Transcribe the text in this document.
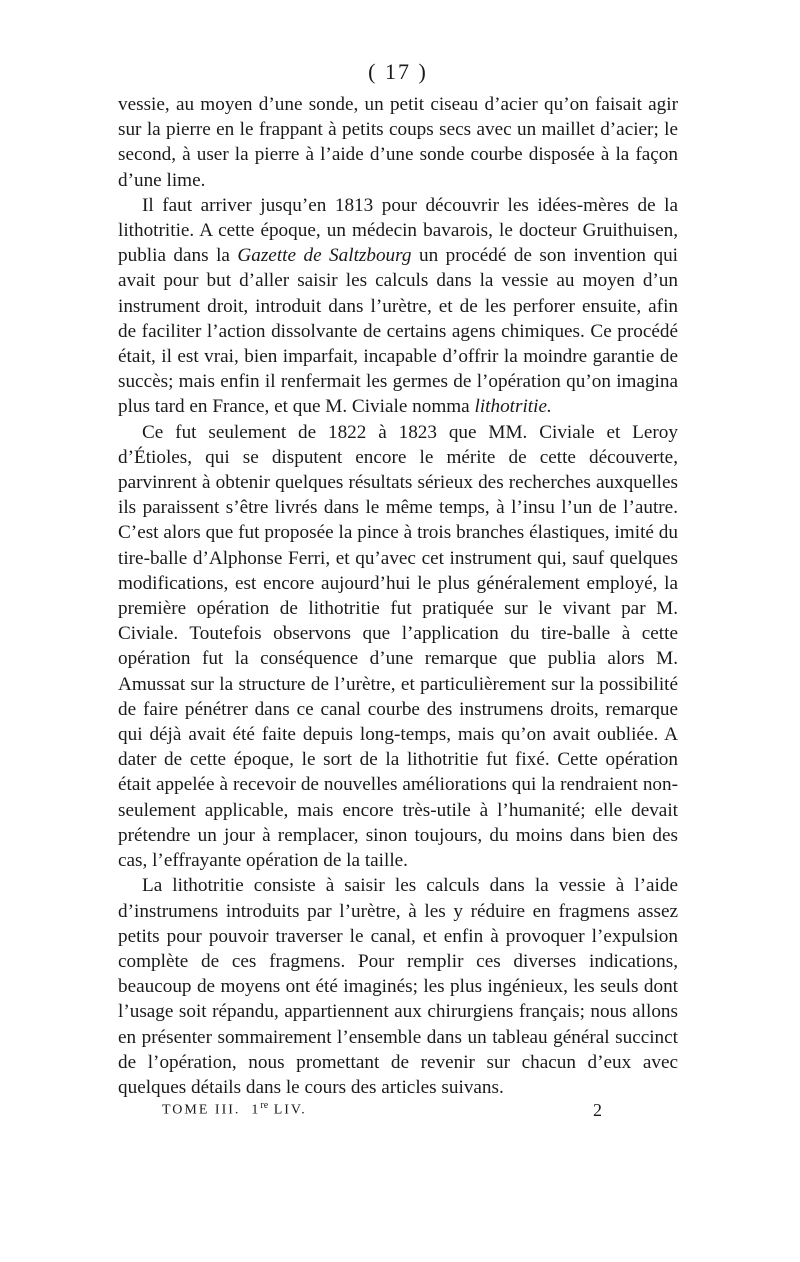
( 17 )

vessie, au moyen d’une sonde, un petit ciseau d’acier qu’on faisait agir sur la pierre en le frappant à petits coups secs avec un maillet d’acier; le second, à user la pierre à l’aide d’une sonde courbe disposée à la façon d’une lime.

Il faut arriver jusqu’en 1813 pour découvrir les idées-mères de la lithotritie. A cette époque, un médecin bavarois, le docteur Gruithuisen, publia dans la Gazette de Saltzbourg un procédé de son invention qui avait pour but d’aller saisir les calculs dans la vessie au moyen d’un instrument droit, introduit dans l’urètre, et de les perforer ensuite, afin de faciliter l’action dissolvante de certains agens chimiques. Ce procédé était, il est vrai, bien imparfait, incapable d’offrir la moindre garantie de succès; mais enfin il renfermait les germes de l’opération qu’on imagina plus tard en France, et que M. Civiale nomma lithotritie.

Ce fut seulement de 1822 à 1823 que MM. Civiale et Leroy d’Étioles, qui se disputent encore le mérite de cette découverte, parvinrent à obtenir quelques résultats sérieux des recherches auxquelles ils paraissent s’être livrés dans le même temps, à l’insu l’un de l’autre. C’est alors que fut proposée la pince à trois branches élastiques, imité du tire-balle d’Alphonse Ferri, et qu’avec cet instrument qui, sauf quelques modifications, est encore aujourd’hui le plus généralement employé, la première opération de lithotritie fut pratiquée sur le vivant par M. Civiale. Toutefois observons que l’application du tire-balle à cette opération fut la conséquence d’une remarque que publia alors M. Amussat sur la structure de l’urètre, et particulièrement sur la possibilité de faire pénétrer dans ce canal courbe des instrumens droits, remarque qui déjà avait été faite depuis long-temps, mais qu’on avait oubliée. A dater de cette époque, le sort de la lithotritie fut fixé. Cette opération était appelée à recevoir de nouvelles améliorations qui la rendraient non-seulement applicable, mais encore très-utile à l’humanité; elle devait prétendre un jour à remplacer, sinon toujours, du moins dans bien des cas, l’effrayante opération de la taille.

La lithotritie consiste à saisir les calculs dans la vessie à l’aide d’instrumens introduits par l’urètre, à les y réduire en fragmens assez petits pour pouvoir traverser le canal, et enfin à provoquer l’expulsion complète de ces fragmens. Pour remplir ces diverses indications, beaucoup de moyens ont été imaginés; les plus ingénieux, les seuls dont l’usage soit répandu, appartiennent aux chirurgiens français; nous allons en présenter sommairement l’ensemble dans un tableau général succinct de l’opération, nous promettant de revenir sur chacun d’eux avec quelques détails dans le cours des articles suivans.

TOME III. 1re LIV.	2
